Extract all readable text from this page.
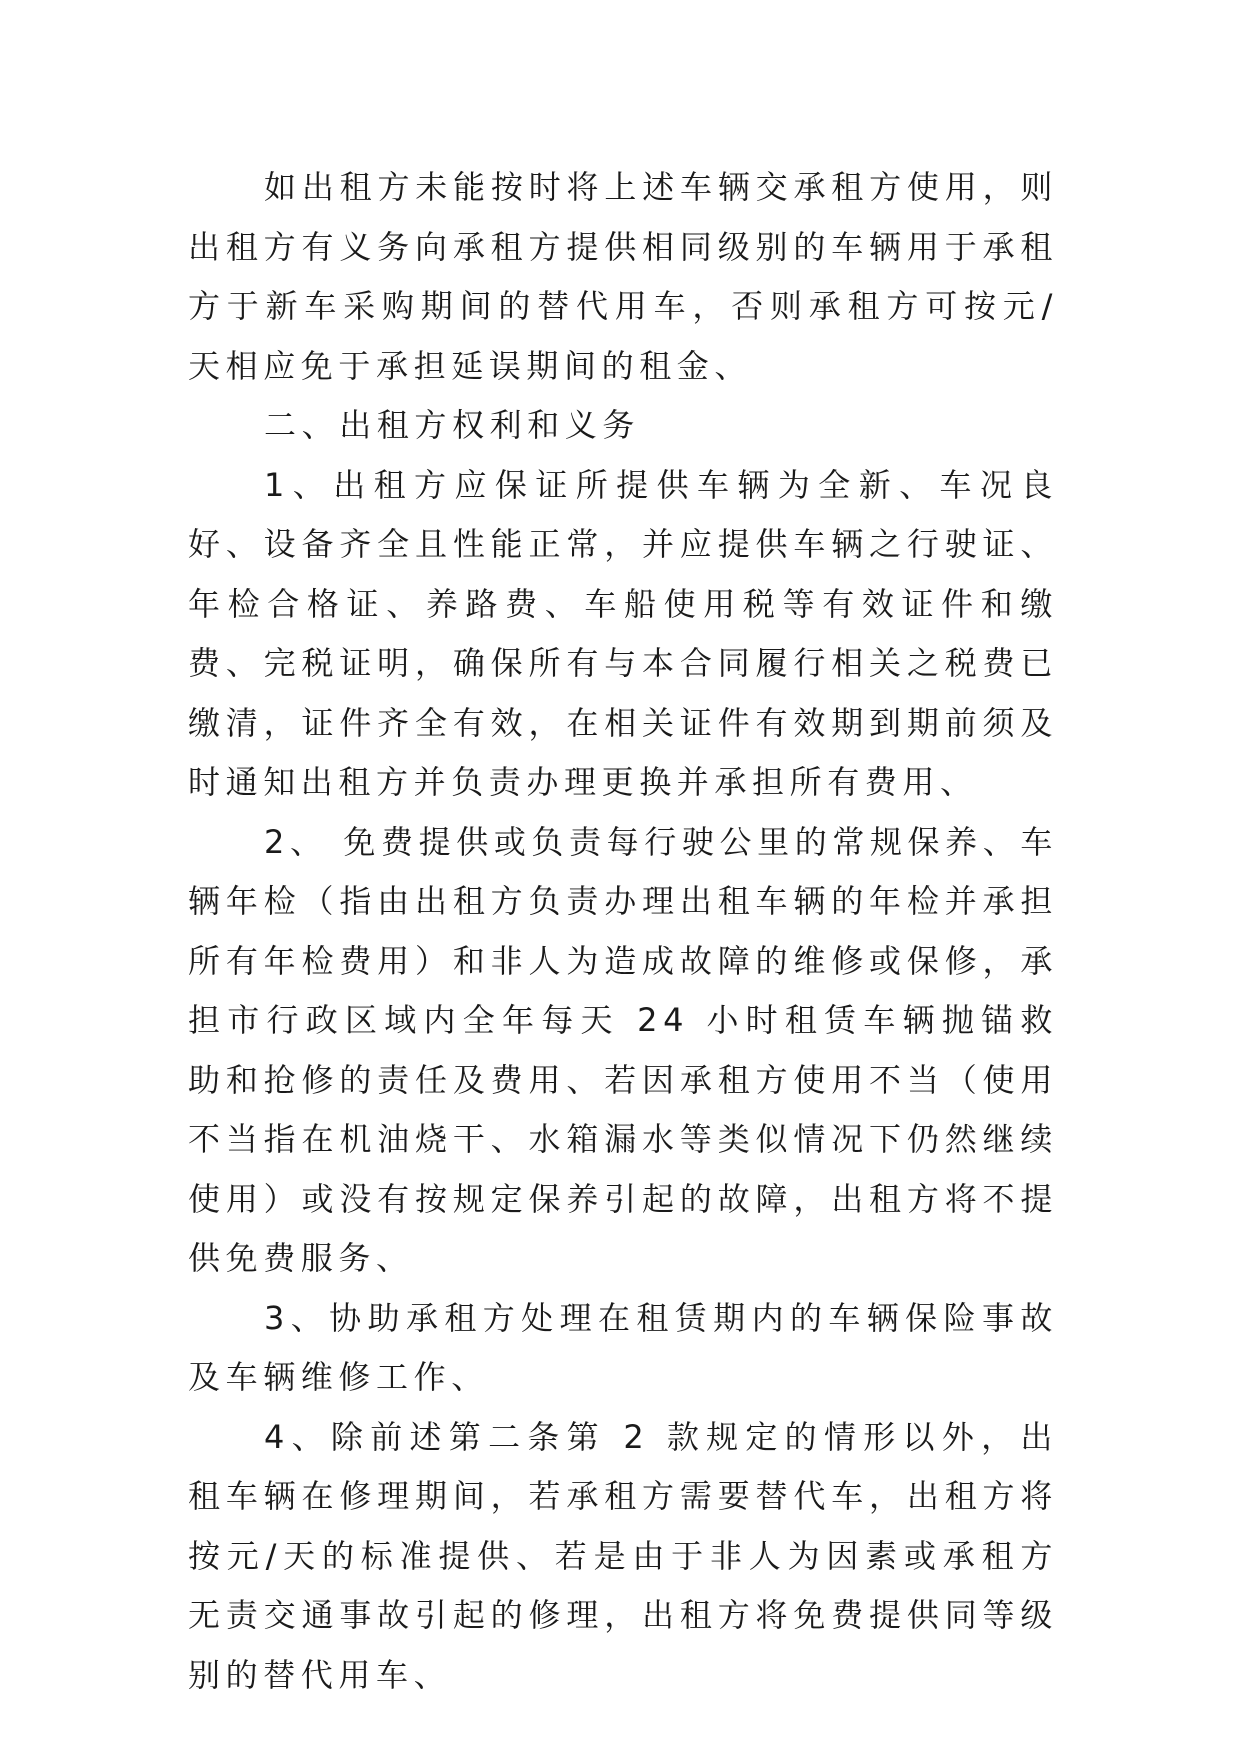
如出租方未能按时将上述车辆交承租方使用，则出租方有义务向承租方提供相同级别的车辆用于承租方于新车采购期间的替代用车，否则承租方可按元/天相应免于承担延误期间的租金、

二、出租方权利和义务

1、出租方应保证所提供车辆为全新、车况良好、设备齐全且性能正常，并应提供车辆之行驶证、年检合格证、养路费、车船使用税等有效证件和缴费、完税证明，确保所有与本合同履行相关之税费已缴清，证件齐全有效，在相关证件有效期到期前须及时通知出租方并负责办理更换并承担所有费用、

2、 免费提供或负责每行驶公里的常规保养、车辆年检（指由出租方负责办理出租车辆的年检并承担所有年检费用）和非人为造成故障的维修或保修，承担市行政区域内全年每天 24 小时租赁车辆抛锚救助和抢修的责任及费用、若因承租方使用不当（使用不当指在机油烧干、水箱漏水等类似情况下仍然继续使用）或没有按规定保养引起的故障，出租方将不提供免费服务、

3、协助承租方处理在租赁期内的车辆保险事故及车辆维修工作、

4、除前述第二条第 2 款规定的情形以外，出租车辆在修理期间，若承租方需要替代车，出租方将按元/天的标准提供、若是由于非人为因素或承租方无责交通事故引起的修理，出租方将免费提供同等级别的替代用车、
